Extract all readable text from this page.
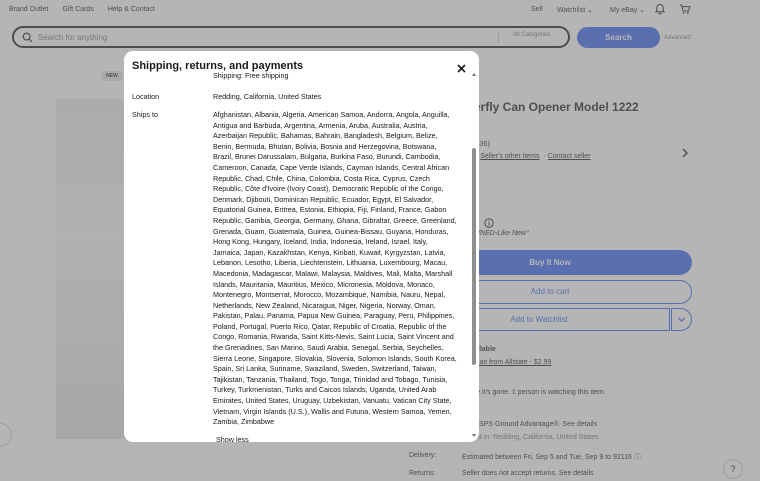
Search for anything
Shipping, returns, and payments
Shipping: Free shipping
Location	Redding, California, United States
Ships to	Afghanistan, Albania, Algeria, American Samoa, Andorra, Angola, Anguilla, Antigua and Barbuda, Argentina, Armenia, Aruba, Australia, Austria, Azerbaijan Republic, Bahamas, Bahrain, Bangladesh, Belgium, Belize, Benin, Bermuda, Bhutan, Bolivia, Bosnia and Herzegovina, Botswana, Brazil, Brunei Darussalam, Bulgaria, Burkina Faso, Burundi, Cambodia, Cameroon, Canada, Cape Verde Islands, Cayman Islands, Central African Republic, Chad, Chile, China, Colombia, Costa Rica, Cyprus, Czech Republic, Côte d'Ivoire (Ivory Coast), Democratic Republic of the Congo, Denmark, Djibouti, Dominican Republic, Ecuador, Egypt, El Salvador, Equatorial Guinea, Eritrea, Estonia, Ethiopia, Fiji, Finland, France, Gabon Republic, Gambia, Georgia, Germany, Ghana, Gibraltar, Greece, Greenland, Grenada, Guam, Guatemala, Guinea, Guinea-Bissau, Guyana, Honduras, Hong Kong, Hungary, Iceland, India, Indonesia, Ireland, Israel, Italy, Jamaica, Japan, Kazakhstan, Kenya, Kiribati, Kuwait, Kyrgyzstan, Latvia, Lebanon, Lesotho, Liberia, Liechtenstein, Lithuania, Luxembourg, Macau, Macedonia, Madagascar, Malawi, Malaysia, Maldives, Mali, Malta, Marshall Islands, Mauritania, Mauritius, Mexico, Micronesia, Moldova, Monaco, Montenegro, Montserrat, Morocco, Mozambique, Namibia, Nauru, Nepal, Netherlands, New Zealand, Nicaragua, Niger, Nigeria, Norway, Oman, Pakistan, Palau, Panama, Papua New Guinea, Paraguay, Peru, Philippines, Poland, Portugal, Puerto Rico, Qatar, Republic of Croatia, Republic of the Congo, Romania, Rwanda, Saint Kitts-Nevis, Saint Lucia, Saint Vincent and the Grenadines, San Marino, Saudi Arabia, Senegal, Serbia, Seychelles, Sierra Leone, Singapore, Slovakia, Slovenia, Solomon Islands, South Korea, Spain, Sri Lanka, Suriname, Swaziland, Sweden, Switzerland, Taiwan, Tajikistan, Tanzania, Thailand, Togo, Tonga, Trinidad and Tobago, Tunisia, Turkey, Turkmenistan, Turks and Caicos Islands, Uganda, United Arab Emirates, United States, Uruguay, Uzbekistan, Vanuatu, Vatican City State, Vietnam, Virgin Islands (U.S.), Wallis and Futuna, Western Samoa, Yemen, Zambia, Zimbabwe
Show less
